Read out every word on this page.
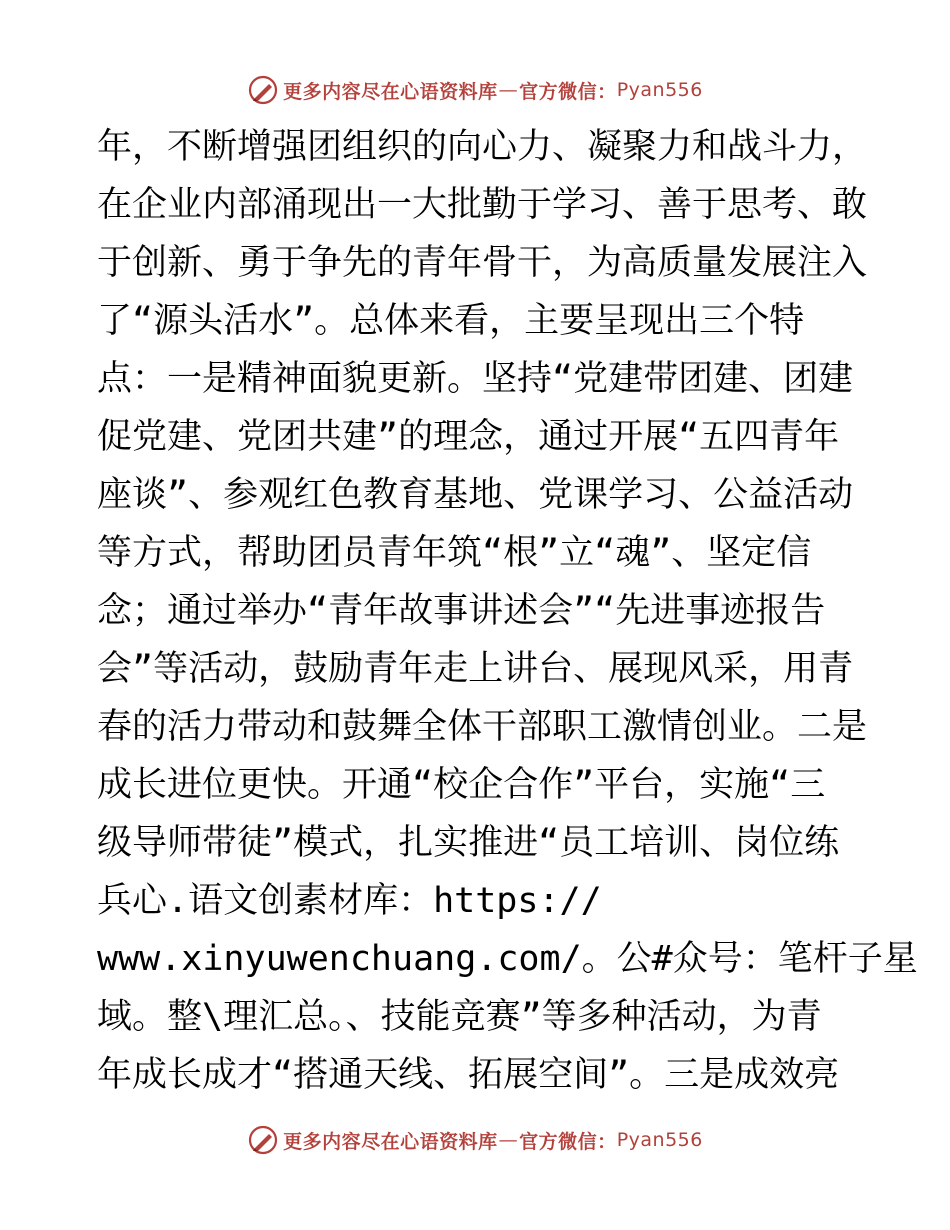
更多内容尽在心语资料库 — 官方微信： Pyan556
年，不断增强团组织的向心力、凝聚力和战斗力，
在企业内部涌现出一大批勤于学习、善于思考、敢
于创新、勇于争先的青年骨干，为高质量发展注入
了“源头活水”。总体来看，主要呈现出三个特
点：一是精神面貌更新。坚持“党建带团建、团建
促党建、党团共建”的理念，通过开展“五四青年
座谈”、参观红色教育基地、党课学习、公益活动
等方式，帮助团员青年筑“根”立“魂”、坚定信
念；通过举办“青年故事讲述会”“先进事迹报告
会”等活动，鼓励青年走上讲台、展现风采，用青
春的活力带动和鼓舞全体干部职工激情创业。二是
成长进位更快。开通“校企合作”平台，实施“三
级导师带徒”模式，扎实推进“员工培训、岗位练
兵心.语文创素材库：https://
www.xinyuwenchuang.com/。公#众号：笔杆子星
域。整\理汇总。、技能竞赛”等多种活动，为青
年成长成才“搭通天线、拓展空间”。三是成效亮
更多内容尽在心语资料库 — 官方微信： Pyan556
